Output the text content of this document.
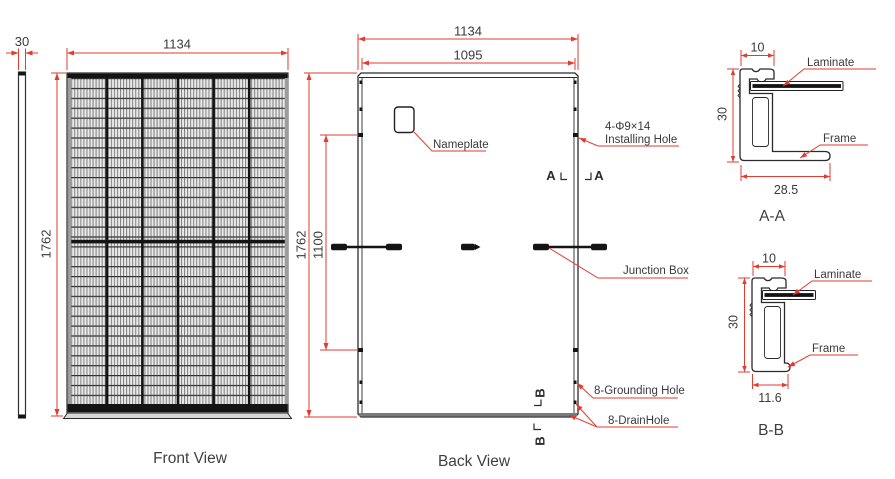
30	1134
1762
Front View
1134
1095
1762 1100
Nameplate
4-Φ9×14
Installing Hole
Junction Box
8-Grounding Hole
8-DrainHole
A	A
B
B
Back View
10
30
28.5
Laminate
Frame
A-A
10
30
11.6
Laminate
Frame
B-B
